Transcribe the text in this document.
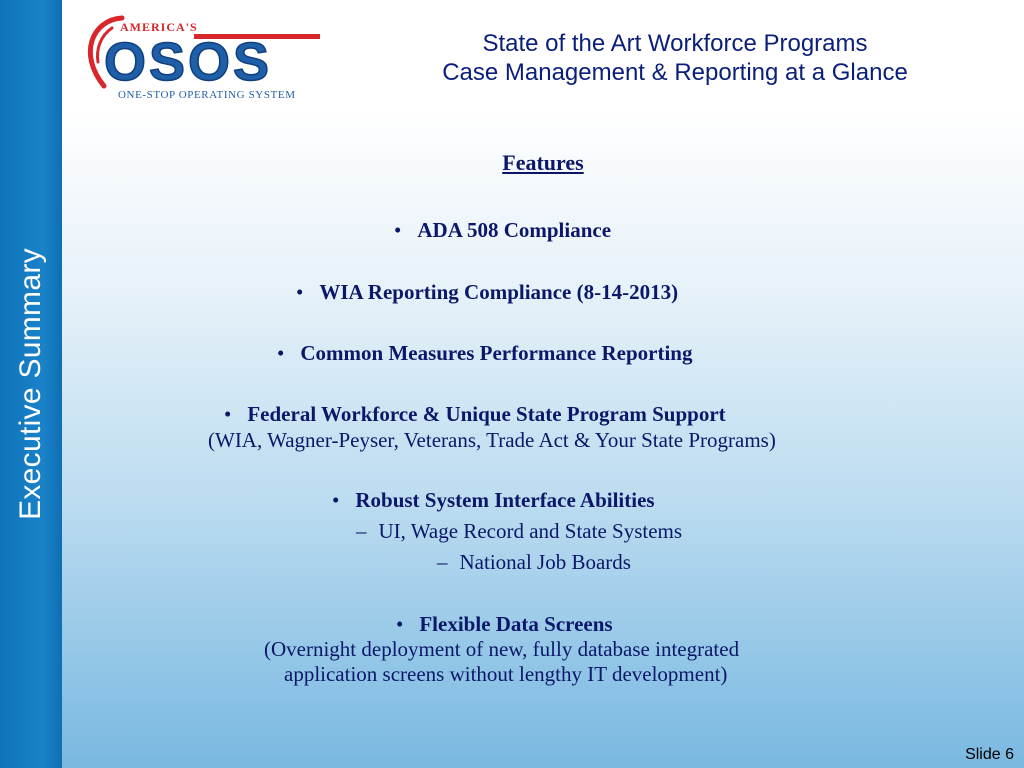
Executive Summary
AMERICA'S
OSOS
ONE-STOP OPERATING SYSTEM
State of the Art Workforce Programs
Case Management & Reporting at a Glance
Features
• ADA 508 Compliance
• WIA Reporting Compliance (8-14-2013)
• Common Measures Performance Reporting
• Federal Workforce & Unique State Program Support
(WIA, Wagner-Peyser, Veterans, Trade Act & Your State Programs)
• Robust System Interface Abilities
– UI, Wage Record and State Systems
– National Job Boards
• Flexible Data Screens
(Overnight deployment of new, fully database integrated
application screens without lengthy IT development)
Slide 6
